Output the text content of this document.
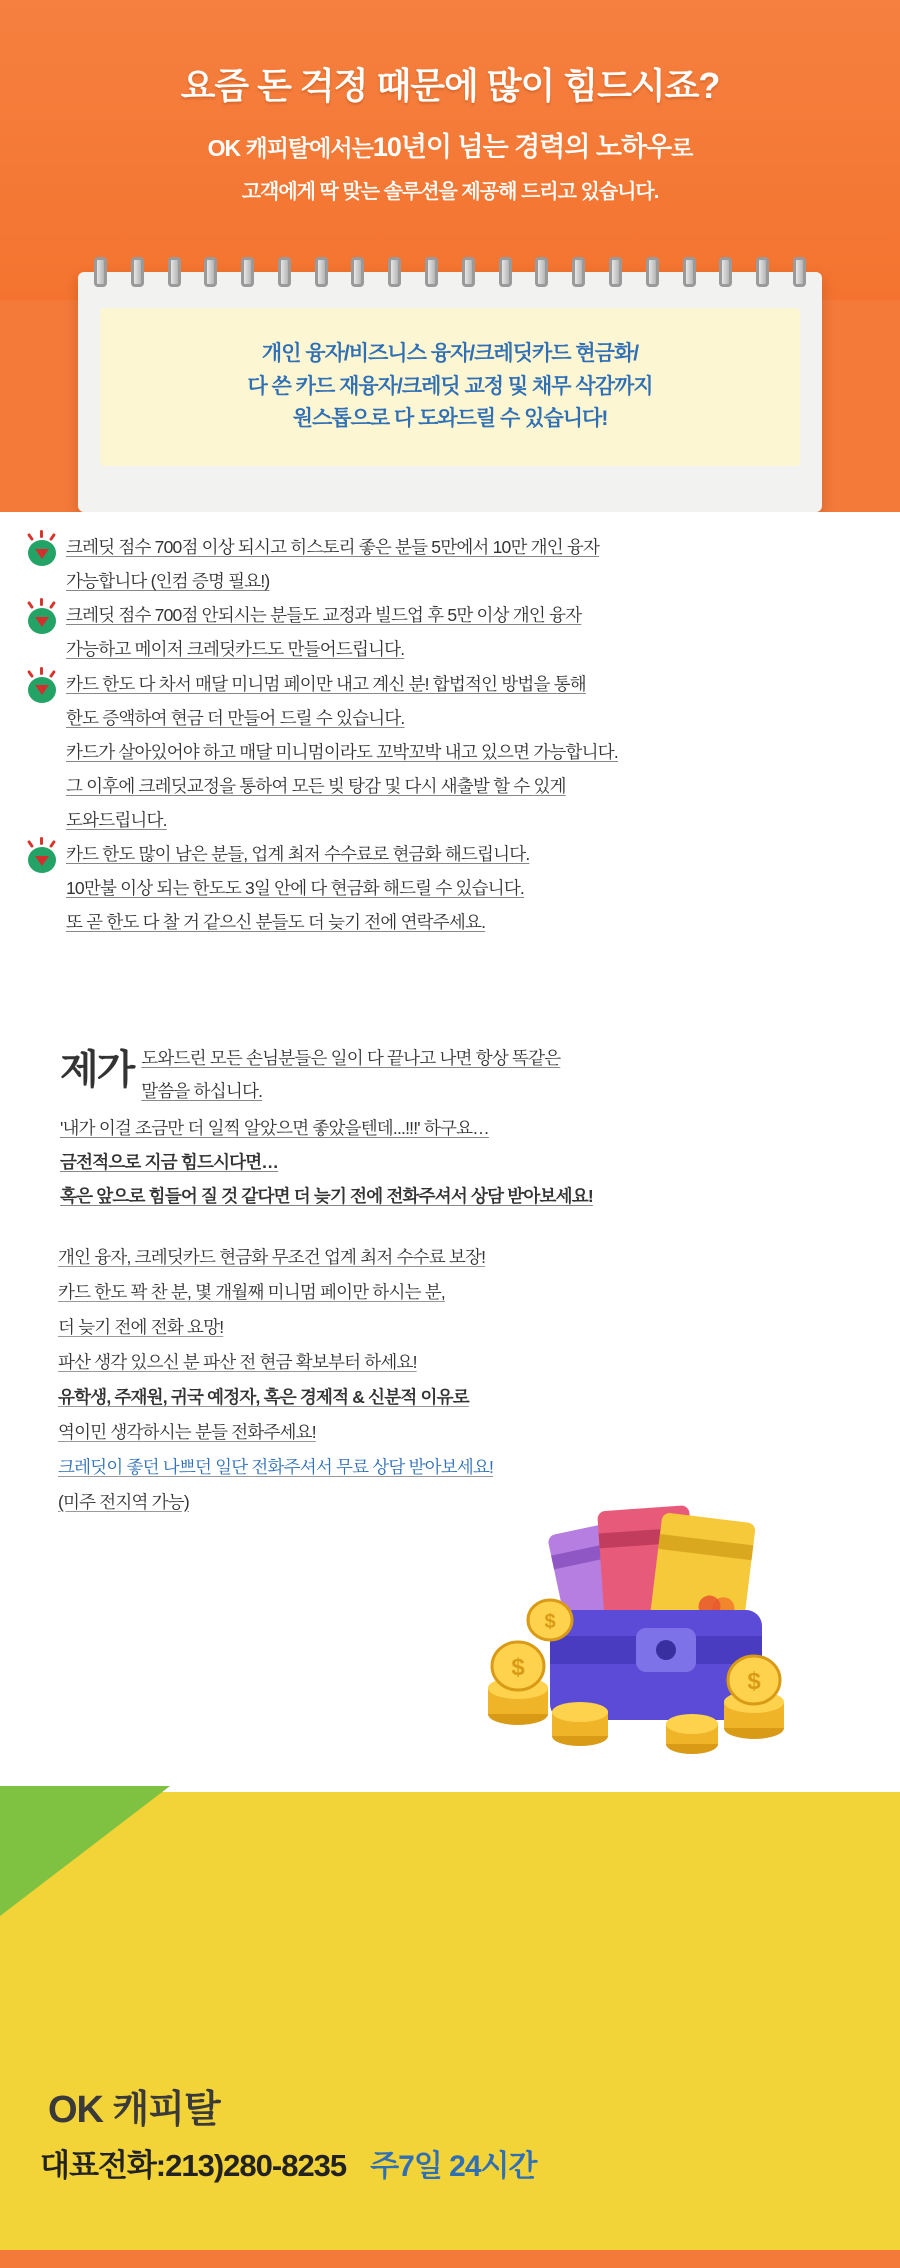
요즘 돈 걱정 때문에 많이 힘드시죠?
OK 캐피탈에서는10년이 넘는 경력의 노하우로
고객에게 딱 맞는 솔루션을 제공해 드리고 있습니다.
개인 융자/비즈니스 융자/크레딧카드 현금화/
다 쓴 카드 재융자/크레딧 교정 및 채무 삭감까지
원스톱으로 다 도와드릴 수 있습니다!
크레딧 점수 700점 이상 되시고 히스토리 좋은 분들 5만에서 10만 개인 융자
가능합니다 (인컴 증명 필요!)
크레딧 점수 700점 안되시는 분들도 교정과 빌드업 후 5만 이상 개인 융자
가능하고 메이저 크레딧카드도 만들어드립니다.
카드 한도 다 차서 매달 미니멈 페이만 내고 계신 분! 합법적인 방법을 통해
한도 증액하여 현금 더 만들어 드릴 수 있습니다.
카드가 살아있어야 하고 매달 미니멈이라도 꼬박꼬박 내고 있으면 가능합니다.
그 이후에 크레딧교정을 통하여 모든 빚 탕감 및 다시 새출발 할 수 있게
도와드립니다.
카드 한도 많이 남은 분들, 업계 최저 수수료로 현금화 해드립니다.
10만불 이상 되는 한도도 3일 안에 다 현금화 해드릴 수 있습니다.
또 곧 한도 다 찰 거 같으신 분들도 더 늦기 전에 연락주세요.
제가 도와드린 모든 손님분들은 일이 다 끝나고 나면 항상 똑같은
말씀을 하십니다.
'내가 이걸 조금만 더 일찍 알았으면 좋았을텐데...!!!' 하구요…
금전적으로 지금 힘드시다면…
혹은 앞으로 힘들어 질 것 같다면 더 늦기 전에 전화주셔서 상담 받아보세요!
개인 융자, 크레딧카드 현금화 무조건 업계 최저 수수료 보장!
카드 한도 꽉 찬 분, 몇 개월째 미니멈 페이만 하시는 분,
더 늦기 전에 전화 요망!
파산 생각 있으신 분 파산 전 현금 확보부터 하세요!
유학생, 주재원, 귀국 예정자, 혹은 경제적 & 신분적 이유로
역이민 생각하시는 분들 전화주세요!
크레딧이 좋던 나쁘던 일단 전화주셔서 무료 상담 받아보세요!
(미주 전지역 가능)
$
$
$
OK 캐피탈
대표전화:213)280-8235 주7일 24시간
